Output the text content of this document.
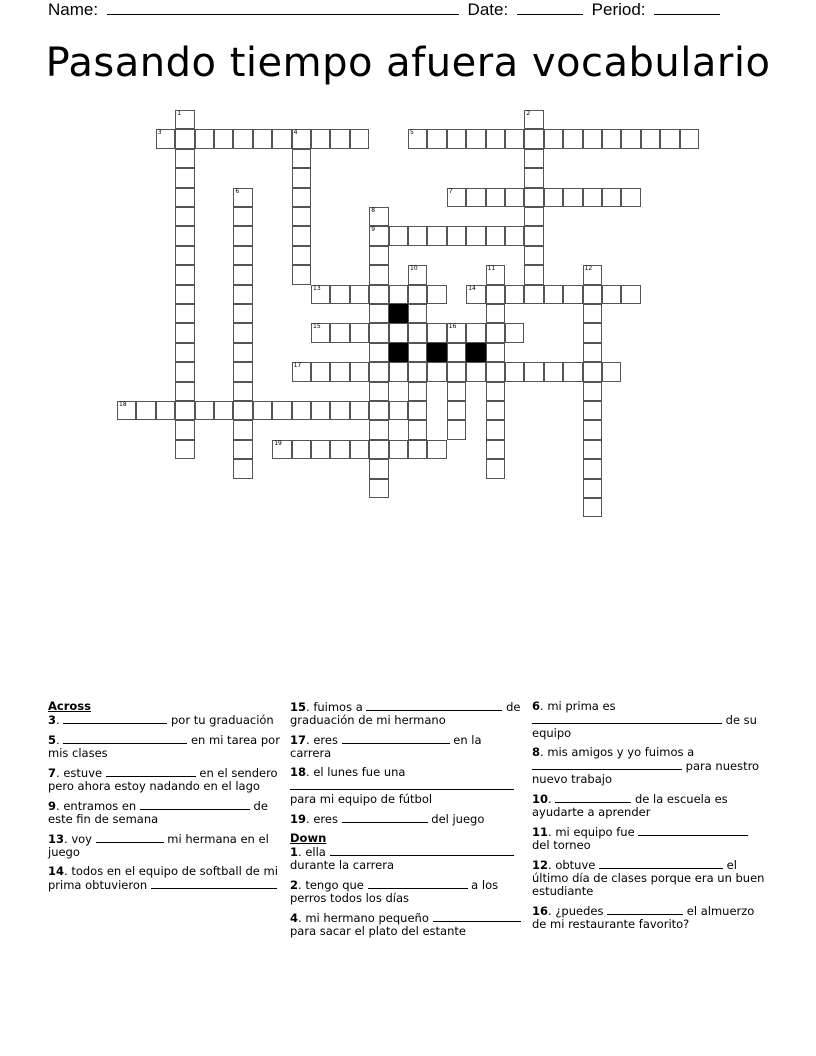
Name:	Date:	Period:
Pasando tiempo afuera vocabulario
1	2
3	4	5
6	7
8
9
10	11	12
13	14
15	16
17
18
19
Across
3.	por tu graduación
5.	en mi tarea por mis clases
7. estuve	en el sendero pero ahora estoy nadando en el lago
9. entramos en	de este fin de semana
13. voy	mi hermana en el juego
14. todos en el equipo de softball de mi prima obtuvieron
15. fuimos a	de graduación de mi hermano
17. eres	en la carrera
18. el lunes fue una  para mi equipo de fútbol
19. eres	del juego
Down
1. ella  durante la carrera
2. tengo que	a los perros todos los días
4. mi hermano pequeño  para sacar el plato del estante
6. mi prima es  de su equipo
8. mis amigos y yo fuimos a  para nuestro nuevo trabajo
10.	de la escuela es ayudarte a aprender
11. mi equipo fue  del torneo
12. obtuve	el último día de clases porque era un buen estudiante
16. ¿puedes	el almuerzo de mi restaurante favorito?
